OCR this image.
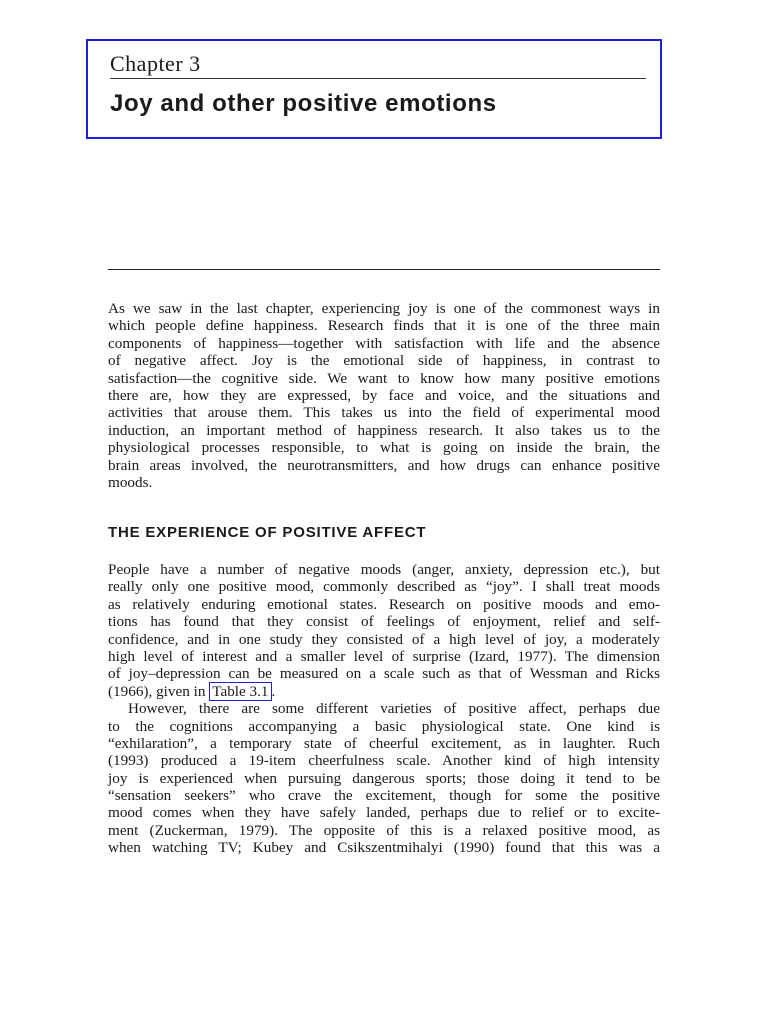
Chapter 3
Joy and other positive emotions
As we saw in the last chapter, experiencing joy is one of the commonest ways in
which people define happiness. Research finds that it is one of the three main
components of happiness—together with satisfaction with life and the absence
of negative affect. Joy is the emotional side of happiness, in contrast to
satisfaction—the cognitive side. We want to know how many positive emotions
there are, how they are expressed, by face and voice, and the situations and
activities that arouse them. This takes us into the field of experimental mood
induction, an important method of happiness research. It also takes us to the
physiological processes responsible, to what is going on inside the brain, the
brain areas involved, the neurotransmitters, and how drugs can enhance positive
moods.
THE EXPERIENCE OF POSITIVE AFFECT
People have a number of negative moods (anger, anxiety, depression etc.), but
really only one positive mood, commonly described as “joy”. I shall treat moods
as relatively enduring emotional states. Research on positive moods and emo-
tions has found that they consist of feelings of enjoyment, relief and self-
confidence, and in one study they consisted of a high level of joy, a moderately
high level of interest and a smaller level of surprise (Izard, 1977). The dimension
of joy–depression can be measured on a scale such as that of Wessman and Ricks
(1966), given in Table 3.1 .
However, there are some different varieties of positive affect, perhaps due
to the cognitions accompanying a basic physiological state. One kind is
“exhilaration”, a temporary state of cheerful excitement, as in laughter. Ruch
(1993) produced a 19-item cheerfulness scale. Another kind of high intensity
joy is experienced when pursuing dangerous sports; those doing it tend to be
“sensation seekers” who crave the excitement, though for some the positive
mood comes when they have safely landed, perhaps due to relief or to excite-
ment (Zuckerman, 1979). The opposite of this is a relaxed positive mood, as
when watching TV; Kubey and Csikszentmihalyi (1990) found that this was a
